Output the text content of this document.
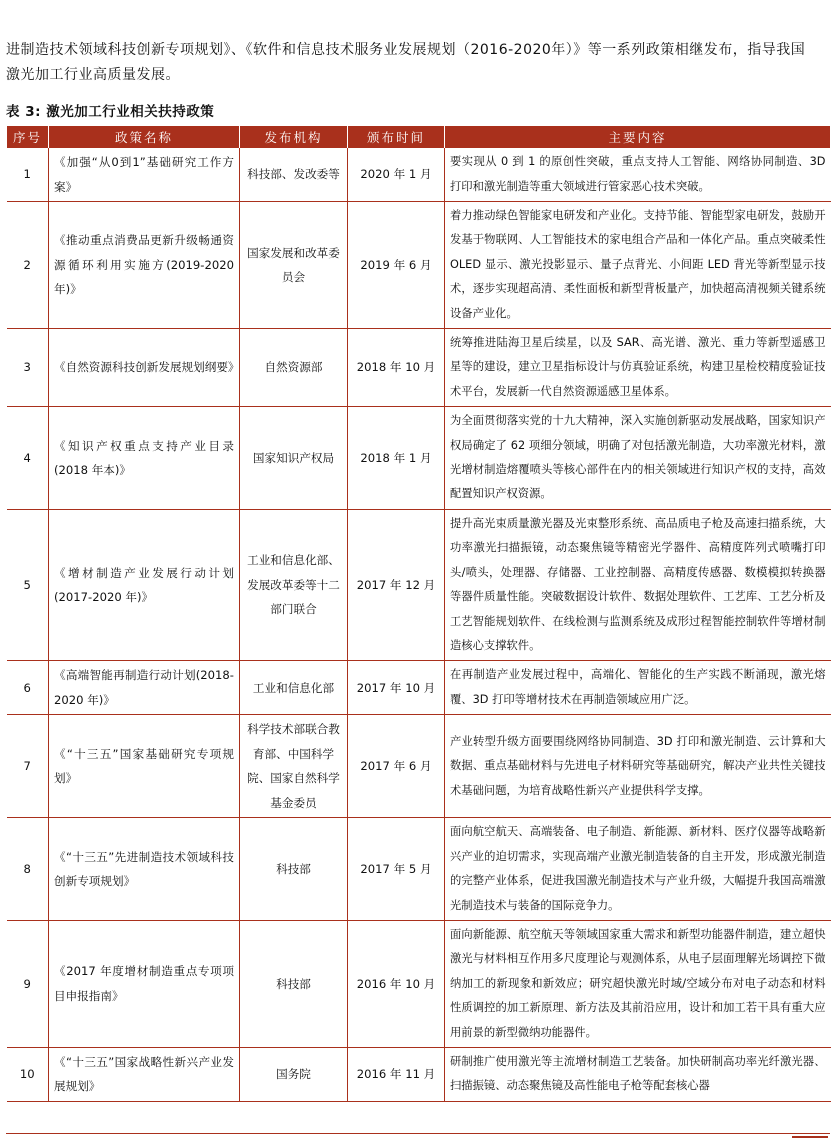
进制造技术领域科技创新专项规划》、《软件和信息技术服务业发展规划（2016-2020年）》等一系列政策相继发布，指导我国激光加工行业高质量发展。
表 3: 激光加工行业相关扶持政策
序号	政策名称	发布机构	颁布时间	主要内容
1	《加强“从0到1”基础研究工作方案》	科技部、发改委等	2020 年 1 月	要实现从 0 到 1 的原创性突破，重点支持人工智能、网络协同制造、3D 打印和激光制造等重大领域进行管家恶心技术突破。
2	《推动重点消费品更新升级畅通资源循环利用实施方(2019-2020 年)》	国家发展和改革委员会	2019 年 6 月	着力推动绿色智能家电研发和产业化。支持节能、智能型家电研发，鼓励开发基于物联网、人工智能技术的家电组合产品和一体化产品。重点突破柔性 OLED 显示、激光投影显示、量子点背光、小间距 LED 背光等新型显示技术，逐步实现超高清、柔性面板和新型背板量产，加快超高清视频关键系统设备产业化。
3	《自然资源科技创新发展规划纲要》	自然资源部	2018 年 10 月	统筹推进陆海卫星后续星，以及 SAR、高光谱、激光、重力等新型遥感卫星等的建设，建立卫星指标设计与仿真验证系统，构建卫星检校精度验证技术平台，发展新一代自然资源遥感卫星体系。
4	《知识产权重点支持产业目录(2018 年本)》	国家知识产权局	2018 年 1 月	为全面贯彻落实党的十九大精神，深入实施创新驱动发展战略，国家知识产权局确定了 62 项细分领域，明确了对包括激光制造，大功率激光材料，激光增材制造熔覆喷头等核心部件在内的相关领域进行知识产权的支持，高效配置知识产权资源。
5	《增材制造产业发展行动计划(2017-2020 年)》	工业和信息化部、发展改革委等十二部门联合	2017 年 12 月	提升高光束质量激光器及光束整形系统、高品质电子枪及高速扫描系统，大功率激光扫描振镜，动态聚焦镜等精密光学器件、高精度阵列式喷嘴打印头/喷头，处理器、存储器、工业控制器、高精度传感器、数模模拟转换器等器件质量性能。突破数据设计软件、数据处理软件、工艺库、工艺分析及工艺智能规划软件、在线检测与监测系统及成形过程智能控制软件等增材制造核心支撑软件。
6	《高端智能再制造行动计划(2018-2020 年)》	工业和信息化部	2017 年 10 月	在再制造产业发展过程中，高端化、智能化的生产实践不断涌现，激光熔覆、3D 打印等增材技术在再制造领域应用广泛。
7	《“十三五”国家基础研究专项规划》	科学技术部联合教育部、中国科学院、国家自然科学基金委员	2017 年 6 月	产业转型升级方面要围绕网络协同制造、3D 打印和激光制造、云计算和大数据、重点基础材料与先进电子材料研究等基础研究，解决产业共性关键技术基础问题，为培育战略性新兴产业提供科学支撑。
8	《“十三五”先进制造技术领域科技创新专项规划》	科技部	2017 年 5 月	面向航空航天、高端装备、电子制造、新能源、新材料、医疗仪器等战略新兴产业的迫切需求，实现高端产业激光制造装备的自主开发，形成激光制造的完整产业体系，促进我国激光制造技术与产业升级，大幅提升我国高端激光制造技术与装备的国际竞争力。
9	《2017 年度增材制造重点专项项目申报指南》	科技部	2016 年 10 月	面向新能源、航空航天等领域国家重大需求和新型功能器件制造，建立超快激光与材料相互作用多尺度理论与观测体系，从电子层面理解光场调控下微纳加工的新现象和新效应；研究超快激光时域/空域分布对电子动态和材料性质调控的加工新原理、新方法及其前沿应用，设计和加工若干具有重大应用前景的新型微纳功能器件。
10	《“十三五”国家战略性新兴产业发展规划》	国务院	2016 年 11 月	研制推广使用激光等主流增材制造工艺装备。加快研制高功率光纤激光器、扫描振镜、动态聚焦镜及高性能电子枪等配套核心器
